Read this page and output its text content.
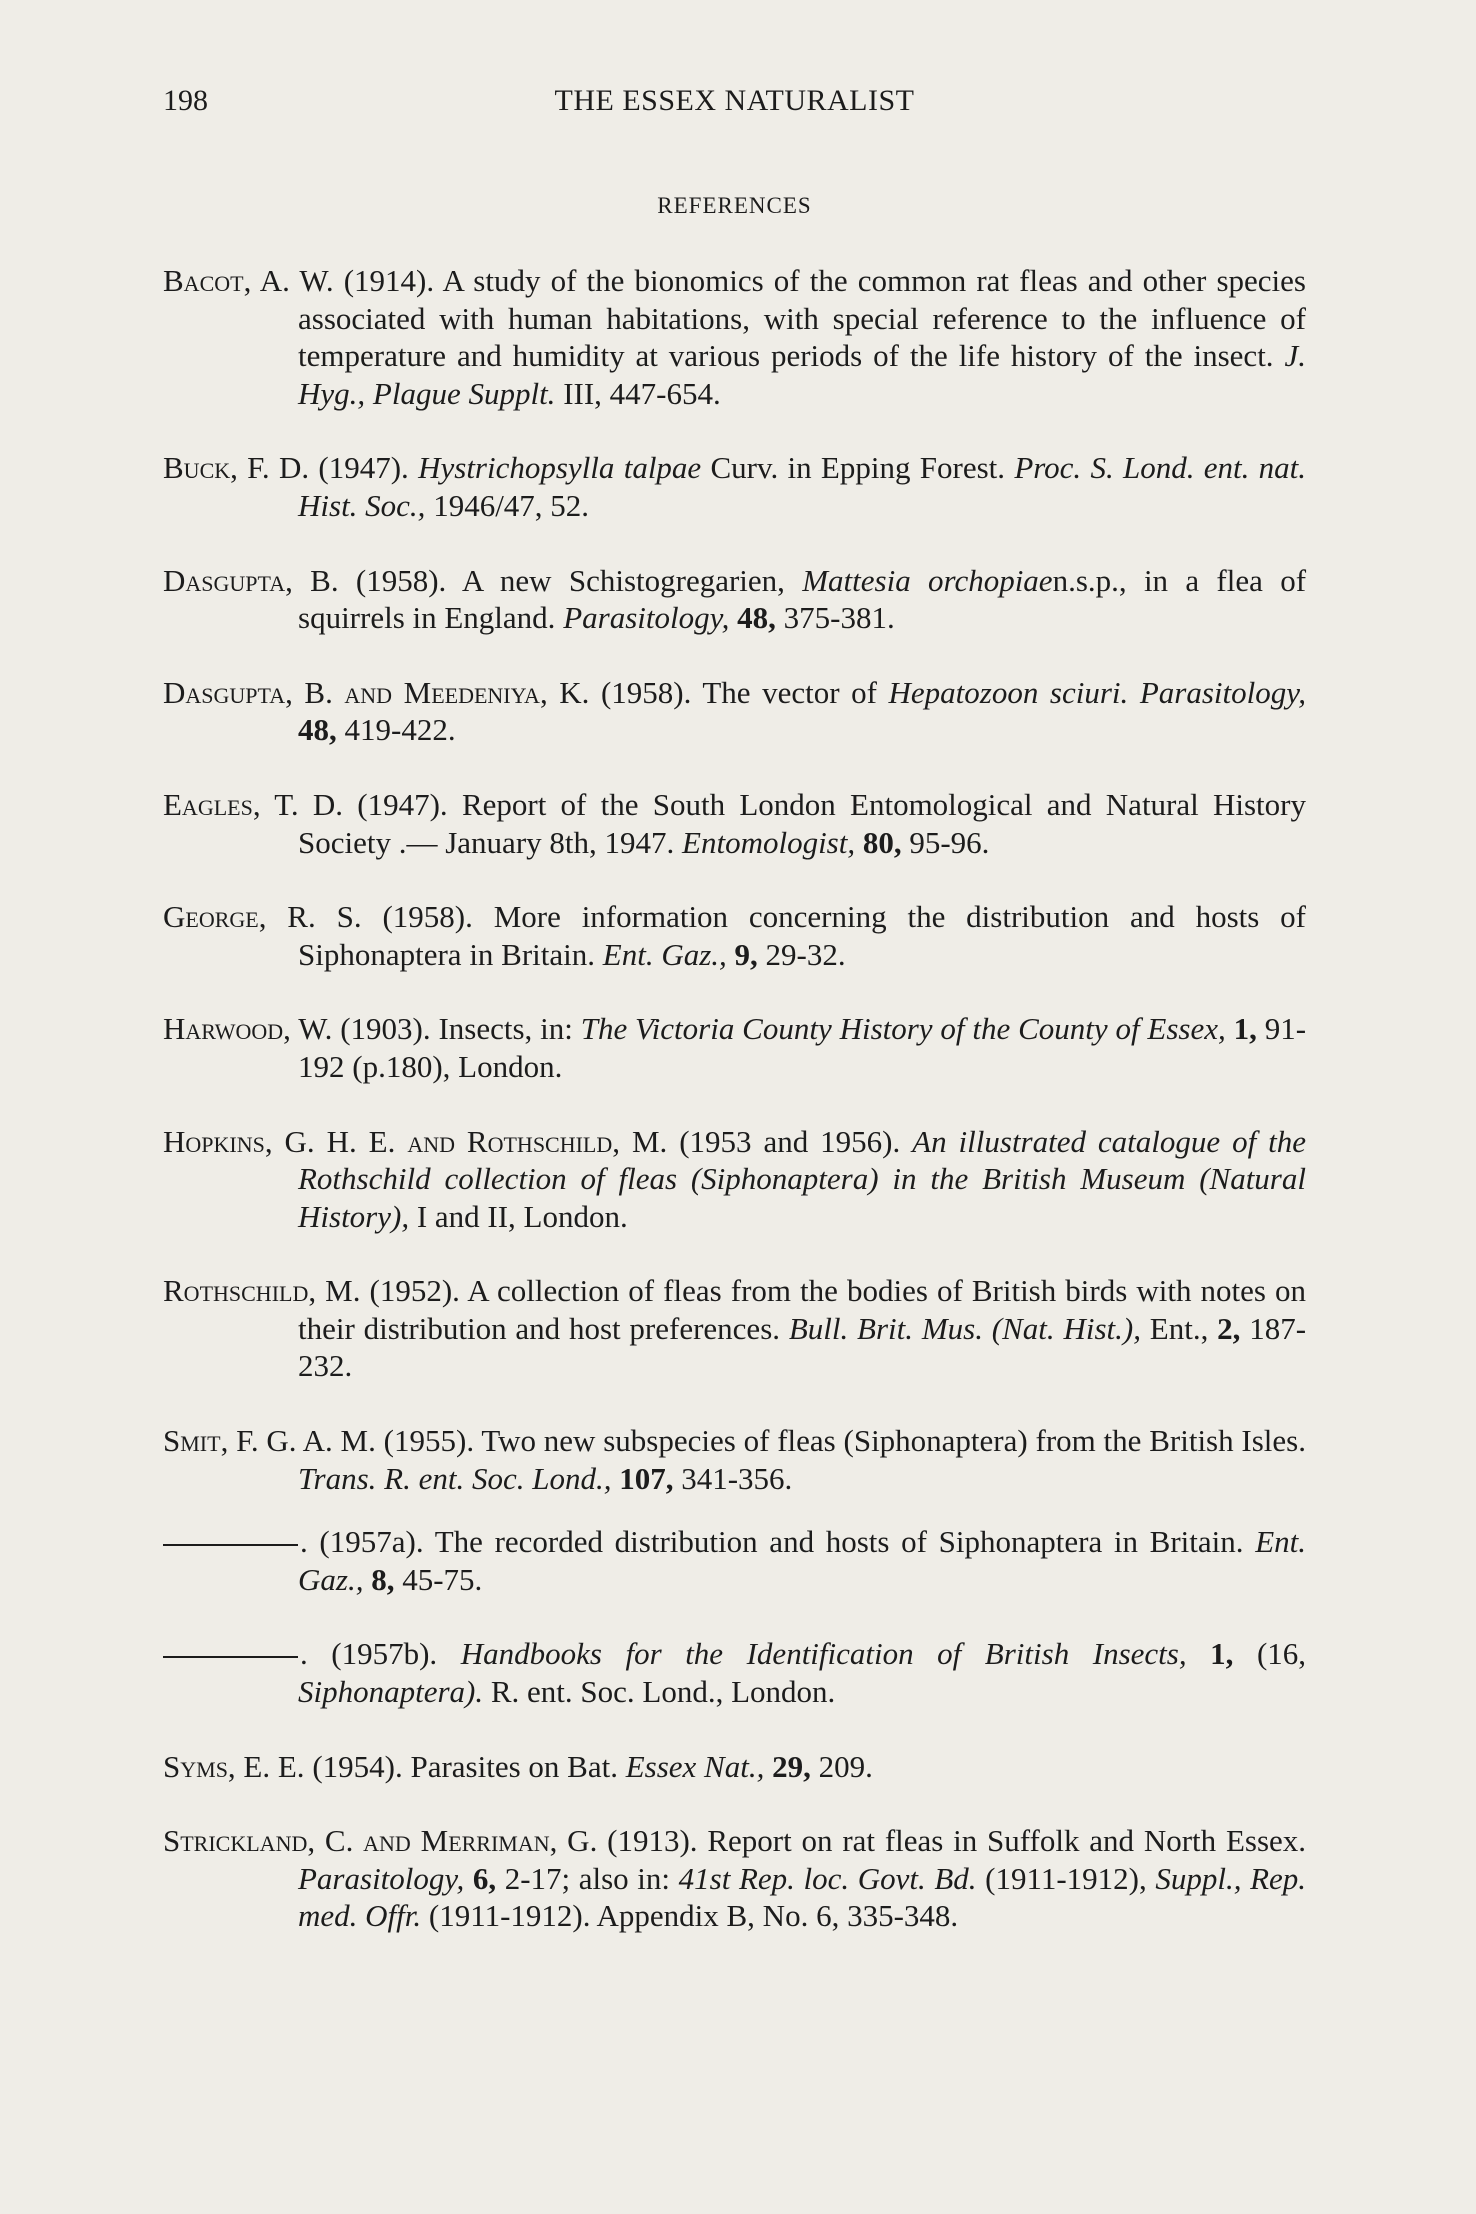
198	THE ESSEX NATURALIST
REFERENCES

Bacot, A. W. (1914). A study of the bionomics of the common rat fleas and other species associated with human habitations, with special reference to the influence of temperature and humidity at various periods of the life history of the insect. J. Hyg., Plague Supplt. III, 447-654.

Buck, F. D. (1947). Hystrichopsylla talpae Curv. in Epping Forest. Proc. S. Lond. ent. nat. Hist. Soc., 1946/47, 52.

Dasgupta, B. (1958). A new Schistogregarien, Mattesia orchopiaen.s.p., in a flea of squirrels in England. Parasitology, 48, 375-381.

Dasgupta, B. and Meedeniya, K. (1958). The vector of Hepatozoon sciuri. Parasitology, 48, 419-422.

Eagles, T. D. (1947). Report of the South London Entomological and Natural History Society .— January 8th, 1947. Entomologist, 80, 95-96.

George, R. S. (1958). More information concerning the distribution and hosts of Siphonaptera in Britain. Ent. Gaz., 9, 29-32.

Harwood, W. (1903). Insects, in: The Victoria County History of the County of Essex, 1, 91-192 (p.180), London.

Hopkins, G. H. E. and Rothschild, M. (1953 and 1956). An illustrated catalogue of the Rothschild collection of fleas (Siphonaptera) in the British Museum (Natural History), I and II, London.

Rothschild, M. (1952). A collection of fleas from the bodies of British birds with notes on their distribution and host preferences. Bull. Brit. Mus. (Nat. Hist.), Ent., 2, 187-232.

Smit, F. G. A. M. (1955). Two new subspecies of fleas (Siphonaptera) from the British Isles. Trans. R. ent. Soc. Lond., 107, 341-356.

. (1957a). The recorded distribution and hosts of Siphonaptera in Britain. Ent. Gaz., 8, 45-75.

. (1957b). Handbooks for the Identification of British Insects, 1, (16, Siphonaptera). R. ent. Soc. Lond., London.

Syms, E. E. (1954). Parasites on Bat. Essex Nat., 29, 209.

Strickland, C. and Merriman, G. (1913). Report on rat fleas in Suffolk and North Essex. Parasitology, 6, 2-17; also in: 41st Rep. loc. Govt. Bd. (1911-1912), Suppl., Rep. med. Offr. (1911-1912). Appendix B, No. 6, 335-348.
